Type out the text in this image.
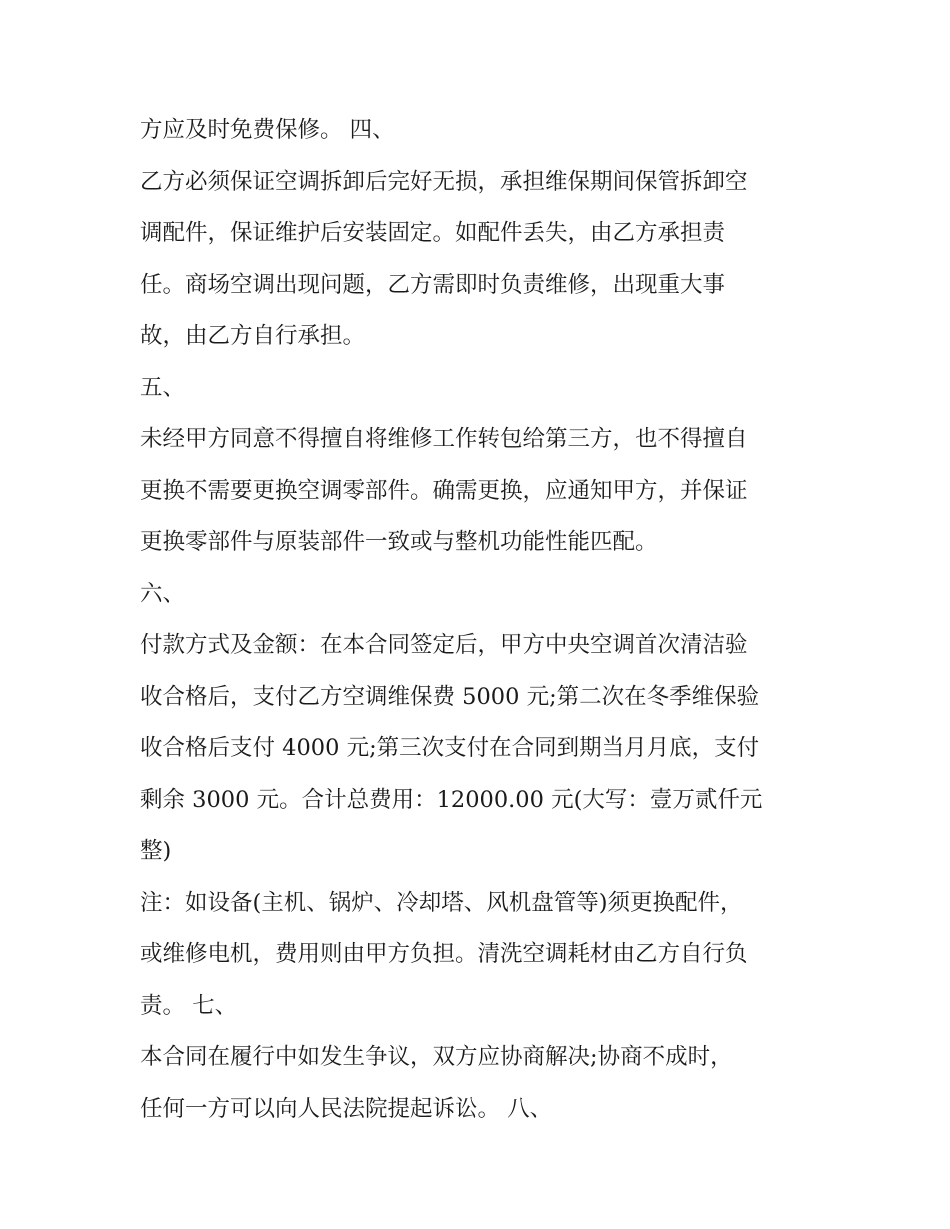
方应及时免费保修。 四、
乙方必须保证空调拆卸后完好无损，承担维保期间保管拆卸空
调配件，保证维护后安装固定。如配件丢失，由乙方承担责
任。商场空调出现问题，乙方需即时负责维修，出现重大事
故，由乙方自行承担。
五、
未经甲方同意不得擅自将维修工作转包给第三方，也不得擅自
更换不需要更换空调零部件。确需更换，应通知甲方，并保证
更换零部件与原装部件一致或与整机功能性能匹配。
六、
付款方式及金额：在本合同签定后，甲方中央空调首次清洁验
收合格后，支付乙方空调维保费 5000 元;第二次在冬季维保验
收合格后支付 4000 元;第三次支付在合同到期当月月底，支付
剩余 3000 元。合计总费用：12000.00 元(大写：壹万贰仟元
整)
注：如设备(主机、锅炉、冷却塔、风机盘管等)须更换配件，
或维修电机，费用则由甲方负担。清洗空调耗材由乙方自行负
责。 七、
本合同在履行中如发生争议，双方应协商解决;协商不成时，
任何一方可以向人民法院提起诉讼。 八、
